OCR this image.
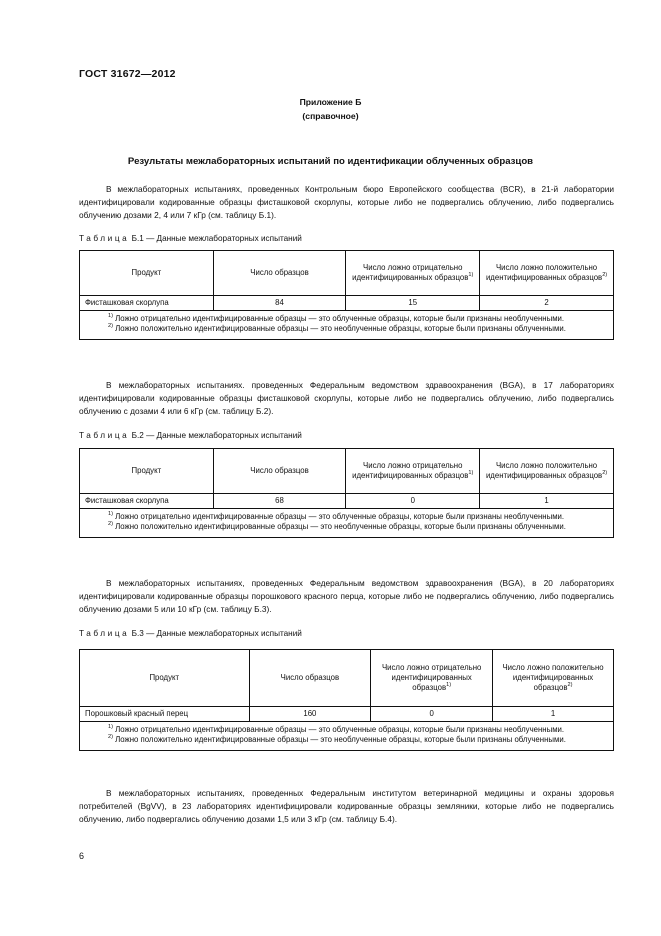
ГОСТ 31672—2012
Приложение Б
(справочное)
Результаты межлабораторных испытаний по идентификации облученных образцов

В межлабораторных испытаниях, проведенных Контрольным бюро Европейского сообщества (BCR), в 21-й лаборатории идентифицировали кодированные образцы фисташковой скорлупы, которые либо не подвергались облучению, либо подвергались облучению дозами 2, 4 или 7 кГр (см. таблицу Б.1).

Таблица Б.1 — Данные межлабораторных испытаний
Продукт	Число образцов	Число ложно отрицательно идентифицированных образцов$^{1)}$	Число ложно положительно идентифицированных образцов$^{2)}$
Фисташковая скорлупа	84	15	2

$^{1)}$ Ложно отрицательно идентифицированные образцы — это облученные образцы, которые были признаны необлученными.
$^{2)}$ Ложно положительно идентифицированные образцы — это необлученные образцы, которые были признаны облученными.			

В межлабораторных испытаниях. проведенных Федеральным ведомством здравоохранения (BGA), в 17 лабораториях идентифицировали кодированные образцы фисташковой скорлупы, которые либо не подвергались облучению, либо подвергались облучению с дозами 4 или 6 кГр (см. таблицу Б.2).

Таблица Б.2 — Данные межлабораторных испытаний
Продукт	Число образцов	Число ложно отрицательно идентифицированных образцов$^{1)}$	Число ложно положительно идентифицированных образцов$^{2)}$
Фисташковая скорлупа	68	0	1

$^{1)}$ Ложно отрицательно идентифицированные образцы — это облученные образцы, которые были признаны необлученными.
$^{2)}$ Ложно положительно идентифицированные образцы — это необлученные образцы, которые были признаны облученными.			

В межлабораторных испытаниях, проведенных Федеральным ведомством здравоохранения (BGA), в 20 лабораториях идентифицировали кодированные образцы порошкового красного перца, которые либо не подвергались облучению, либо подвергались облучению дозами 5 или 10 кГр (см. таблицу Б.3).

Таблица Б.3 — Данные межлабораторных испытаний
Продукт	Число образцов	Число ложно отрицательно идентифицированных образцов$^{1)}$	Число ложно положительно идентифицированных образцов$^{2)}$
Порошковый красный перец	160	0	1

$^{1)}$ Ложно отрицательно идентифицированные образцы — это облученные образцы, которые были признаны необлученными.
$^{2)}$ Ложно положительно идентифицированные образцы — это необлученные образцы, которые были признаны облученными.			

В межлабораторных испытаниях, проведенных Федеральным институтом ветеринарной медицины и охраны здоровья потребителей (BgVV), в 23 лабораториях идентифицировали кодированные образцы земляники, которые либо не подвергались облучению, либо подвергались облучению дозами 1,5 или 3 кГр (см. таблицу Б.4).

6
